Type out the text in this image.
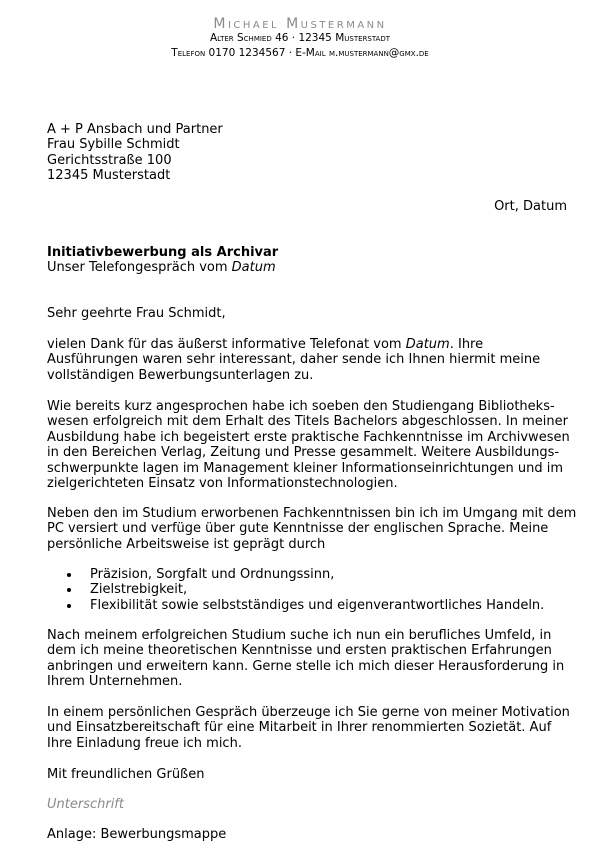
Michael Mustermann
Alter Schmied 46 · 12345 Musterstadt
Telefon 0170 1234567 · E-Mail m.mustermann@gmx.de
A + P Ansbach und Partner
Frau Sybille Schmidt
Gerichtsstraße 100
12345 Musterstadt
Ort, Datum
Initiativbewerbung als Archivar
Unser Telefongespräch vom Datum
Sehr geehrte Frau Schmidt,
vielen Dank für das äußerst informative Telefonat vom Datum. Ihre
Ausführungen waren sehr interessant, daher sende ich Ihnen hiermit meine
vollständigen Bewerbungsunterlagen zu.
Wie bereits kurz angesprochen habe ich soeben den Studiengang Bibliotheks-
wesen erfolgreich mit dem Erhalt des Titels Bachelors abgeschlossen. In meiner
Ausbildung habe ich begeistert erste praktische Fachkenntnisse im Archivwesen
in den Bereichen Verlag, Zeitung und Presse gesammelt. Weitere Ausbildungs-
schwerpunkte lagen im Management kleiner Informationseinrichtungen und im
zielgerichteten Einsatz von Informationstechnologien.
Neben den im Studium erworbenen Fachkenntnissen bin ich im Umgang mit dem
PC versiert und verfüge über gute Kenntnisse der englischen Sprache. Meine
persönliche Arbeitsweise ist geprägt durch
Präzision, Sorgfalt und Ordnungssinn,
Zielstrebigkeit,
Flexibilität sowie selbstständiges und eigenverantwortliches Handeln.
Nach meinem erfolgreichen Studium suche ich nun ein berufliches Umfeld, in
dem ich meine theoretischen Kenntnisse und ersten praktischen Erfahrungen
anbringen und erweitern kann. Gerne stelle ich mich dieser Herausforderung in
Ihrem Unternehmen.
In einem persönlichen Gespräch überzeuge ich Sie gerne von meiner Motivation
und Einsatzbereitschaft für eine Mitarbeit in Ihrer renommierten Sozietät. Auf
Ihre Einladung freue ich mich.
Mit freundlichen Grüßen
Unterschrift
Anlage: Bewerbungsmappe
